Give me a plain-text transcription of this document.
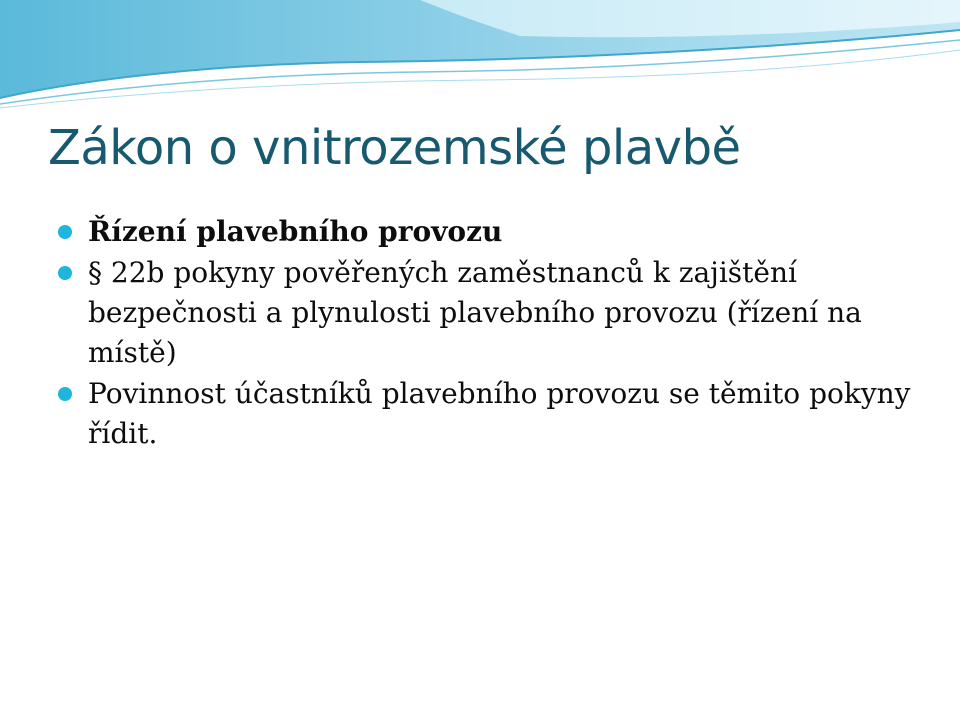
Zákon o vnitrozemské plavbě
Řízení plavebního provozu
§ 22b pokyny pověřených zaměstnanců k zajištění bezpečnosti a plynulosti plavebního provozu (řízení na místě)
Povinnost účastníků plavebního provozu se těmito pokyny řídit.
